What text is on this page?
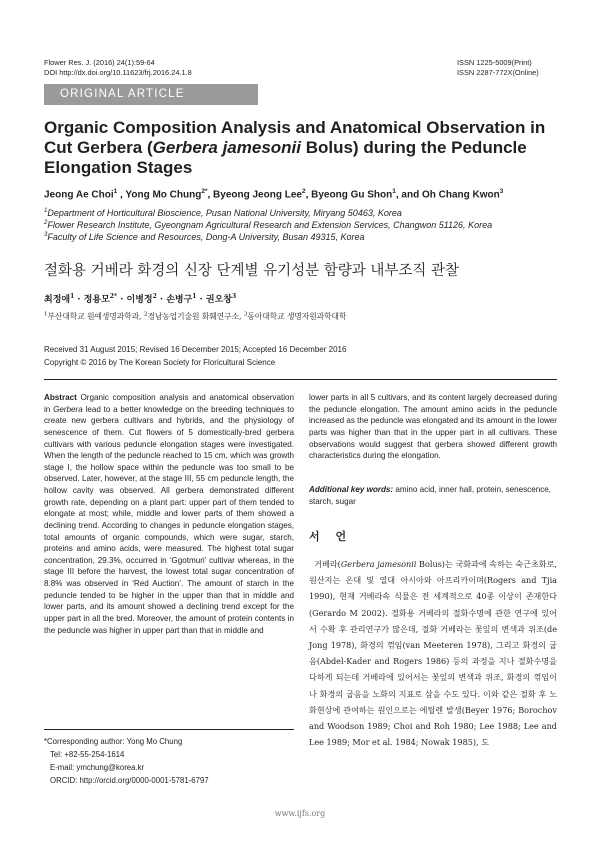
Flower Res. J. (2016) 24(1):59-64
DOI http://dx.doi.org/10.11623/frj.2016.24.1.8
ISSN 1225-5009(Print)
ISSN 2287-772X(Online)
ORIGINAL ARTICLE
Organic Composition Analysis and Anatomical Observation in
Cut Gerbera (Gerbera jamesonii Bolus) during the Peduncle
Elongation Stages
Jeong Ae Choi$^1$ , Yong Mo Chung$^{2*}$, Byeong Jeong Lee$^2$, Byeong Gu Shon$^1$, and Oh Chang Kwon$^3$
$^1$Department of Horticultural Bioscience, Pusan National University, Miryang 50463, Korea
$^2$Flower Research Institute, Gyeongnam Agricultural Research and Extension Services, Changwon 51126, Korea
$^3$Faculty of Life Science and Resources, Dong-A University, Busan 49315, Korea
절화용 거베라 화경의 신장 단계별 유기성분 함량과 내부조직 관찰
최정애$^1$ · 정용모$^{2*}$ · 이병정$^2$ · 손병구$^1$ · 권오창$^3$
$^1$부산대학교 원예생명과학과, $^2$경남농업기술원 화훼연구소, $^3$동아대학교 생명자원과학대학
Received 31 August 2015; Revised 16 December 2015; Accepted 16 December 2016
Copyright © 2016 by The Korean Society for Floricultural Science
Abstract Organic composition analysis and anatomical observation in Gerbera lead to a better knowledge on the breeding techniques to create new gerbera cultivars and hybrids, and the physiology of senescence of them. Cut flowers of 5 domestically-bred gerbera cultivars with various peduncle elongation stages were investigated. When the length of the peduncle reached to 15 cm, which was growth stage I, the hollow space within the peduncle was too small to be observed. Later, however, at the stage III, 55 cm peduncle length, the hollow cavity was observed. All gerbera demonstrated different growth rate, depending on a plant part: upper part of them tended to elongate at most; while, middle and lower parts of them showed a declining trend. According to changes in peduncle elongation stages, total amounts of organic compounds, which were sugar, starch, proteins and amino acids, were measured. The highest total sugar concentration, 29.3%, occurred in ‘Ggotmuri’ cultivar whereas, in the stage III before the harvest, the lowest total sugar concentration of 8.8% was observed in ‘Red Auction’. The amount of starch in the peduncle tended to be higher in the upper than that in middle and lower parts, and its amount showed a declining trend except for the upper part in all the bred. Moreover, the amount of protein contents in the peduncle was higher in upper part than that in middle and
lower parts in all 5 cultivars, and its content largely decreased during the peduncle elongation. The amount amino acids in the peduncle increased as the peduncle was elongated and its amount in the lower parts was higher than that in the upper part in all cultivars. These observations would suggest that gerbera showed different growth characteristics during the elongation.
Additional key words: amino acid, inner hall, protein, senescence, starch, sugar
서 언
거베라(Gerbera jamesonii Bolus)는 국화과에 속하는 숙근초화로, 원산지는 온대 및 열대 아시아와 아프리카이며(Rogers and Tjia 1990), 현재 거베라속 식물은 전 세계적으로 40종 이상이 존재한다(Gerardo M 2002). 절화용 거베라의 절화수명에 관한 연구에 있어서 수확 후 관리연구가 많은데, 절화 거베라는 꽃잎의 변색과 위조(de Jong 1978), 화경의 꺾임(van Meeteren 1978), 그리고 화경의 굽음(Abdel-Kader and Rogers 1986) 등의 과정을 지나 절화수명을 다하게 되는데 거베라에 있어서는 꽃잎의 변색과 위조, 화경의 꺾임이나 화경의 굽음을 노화의 지표로 삼을 수도 있다. 이와 같은 절화 후 노화현상에 관여하는 원인으로는 에틸렌 발생(Beyer 1976; Borochov and Woodson 1989; Choi and Roh 1980; Lee 1988; Lee and Lee 1989; Mor et al. 1984; Nowak 1985), 도
*Corresponding author: Yong Mo Chung
Tel: +82-55-254-1614
E-mail: ymchung@korea.kr
ORCID: http://orcid.org/0000-0001-5781-6797
www.ijfs.org
